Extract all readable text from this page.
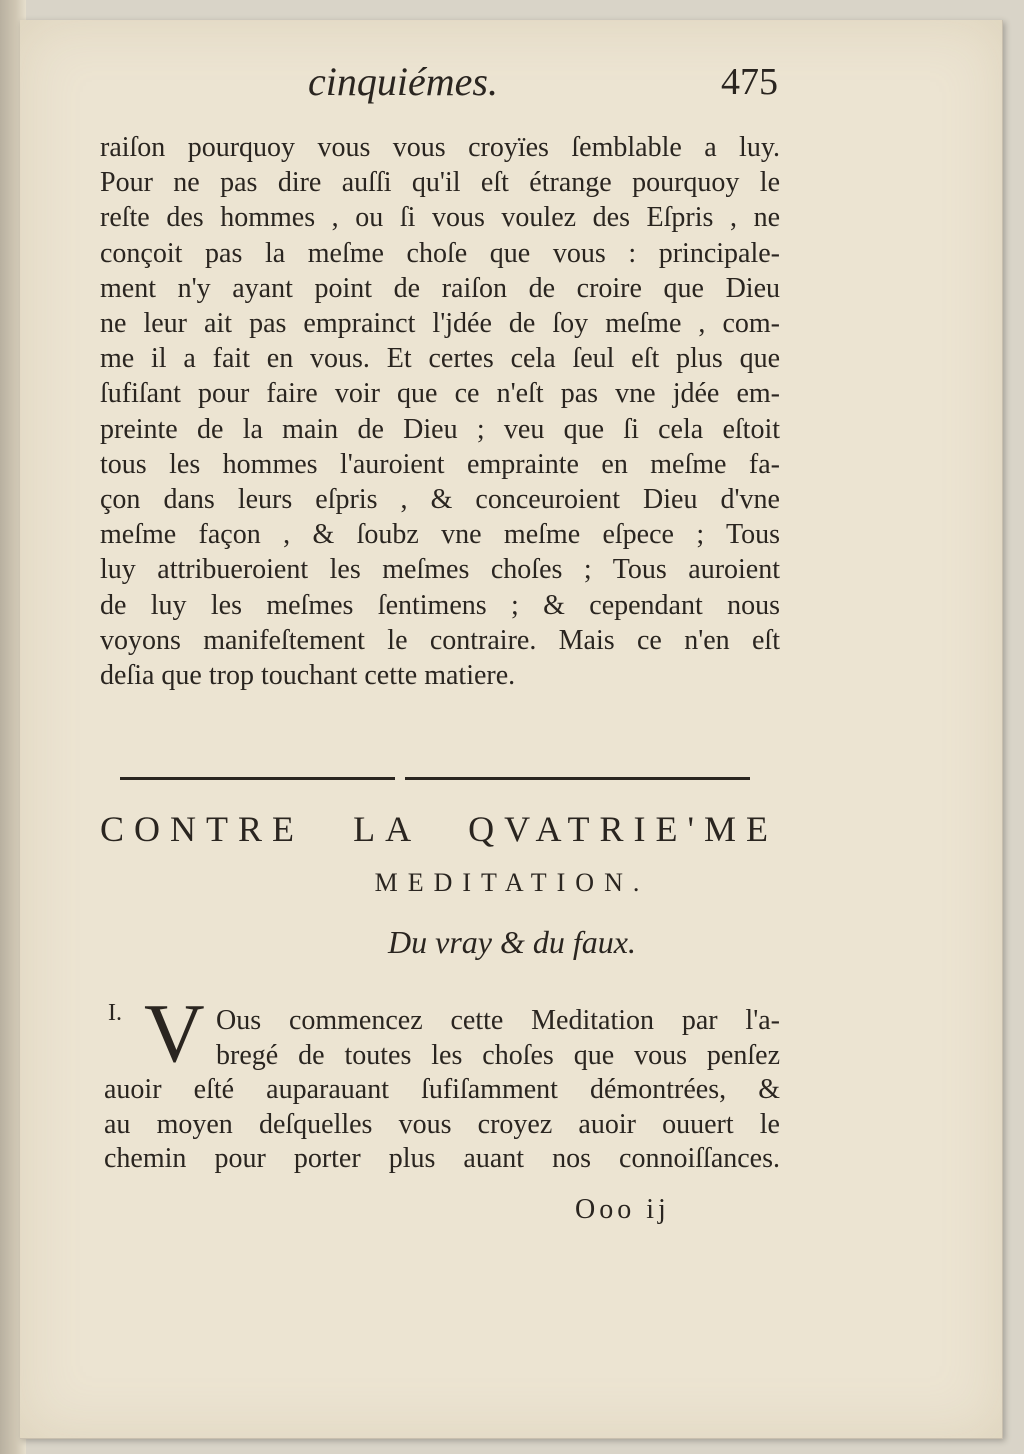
cinquiémes.	475
raiſon pourquoy vous vous croyïes ſemblable a luy.
Pour ne pas dire auſſi qu'il eſt étrange pourquoy le
reſte des hommes , ou ſi vous voulez des Eſpris , ne
conçoit pas la meſme choſe que vous : principale-
ment n'y ayant point de raiſon de croire que Dieu
ne leur ait pas emprainct l'jdée de ſoy meſme , com-
me il a fait en vous. Et certes cela ſeul eſt plus que
ſufiſant pour faire voir que ce n'eſt pas vne jdée em-
preinte de la main de Dieu ; veu que ſi cela eſtoit
tous les hommes l'auroient emprainte en meſme fa-
çon dans leurs eſpris , & conceuroient Dieu d'vne
meſme façon , & ſoubz vne meſme eſpece ; Tous
luy attribueroient les meſmes choſes ; Tous auroient
de luy les meſmes ſentimens ; & cependant nous
voyons manifeſtement le contraire. Mais ce n'en eſt
deſia que trop touchant cette matiere.
CONTRE LA QVATRIE'ME
MEDITATION.
Du vray & du faux.
I. V Ous commencez cette Meditation par l'a-
bregé de toutes les choſes que vous penſez
auoir eſté auparauant ſufiſamment démontrées, &
au moyen deſquelles vous croyez auoir ouuert le
chemin pour porter plus auant nos connoiſſances.
Ooo ij
